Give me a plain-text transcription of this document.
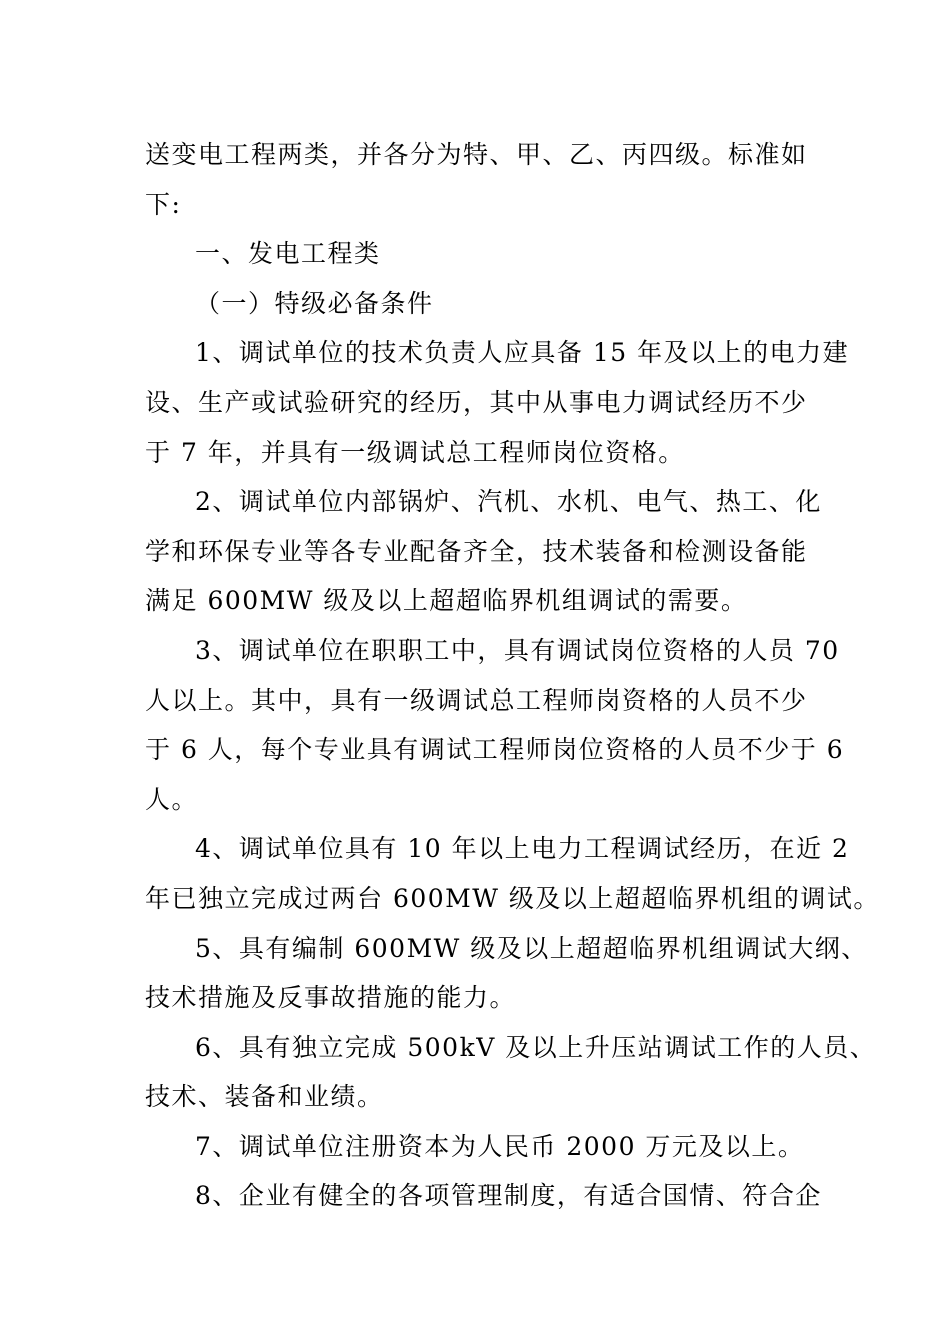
送变电工程两类，并各分为特、甲、乙、丙四级。标准如
下:

一、发电工程类

（一）特级必备条件

1、调试单位的技术负责人应具备 15 年及以上的电力建
设、生产或试验研究的经历，其中从事电力调试经历不少
于 7 年，并具有一级调试总工程师岗位资格。

2、调试单位内部锅炉、汽机、水机、电气、热工、化
学和环保专业等各专业配备齐全，技术装备和检测设备能
满足 600MW 级及以上超超临界机组调试的需要。

3、调试单位在职职工中，具有调试岗位资格的人员 70
人以上。其中，具有一级调试总工程师岗资格的人员不少
于 6 人，每个专业具有调试工程师岗位资格的人员不少于 6
人。

4、调试单位具有 10 年以上电力工程调试经历，在近 2
年已独立完成过两台 600MW 级及以上超超临界机组的调试。

5、具有编制 600MW 级及以上超超临界机组调试大纲、
技术措施及反事故措施的能力。

6、具有独立完成 500kV 及以上升压站调试工作的人员、
技术、装备和业绩。

7、调试单位注册资本为人民币 2000 万元及以上。

8、企业有健全的各项管理制度，有适合国情、符合企
